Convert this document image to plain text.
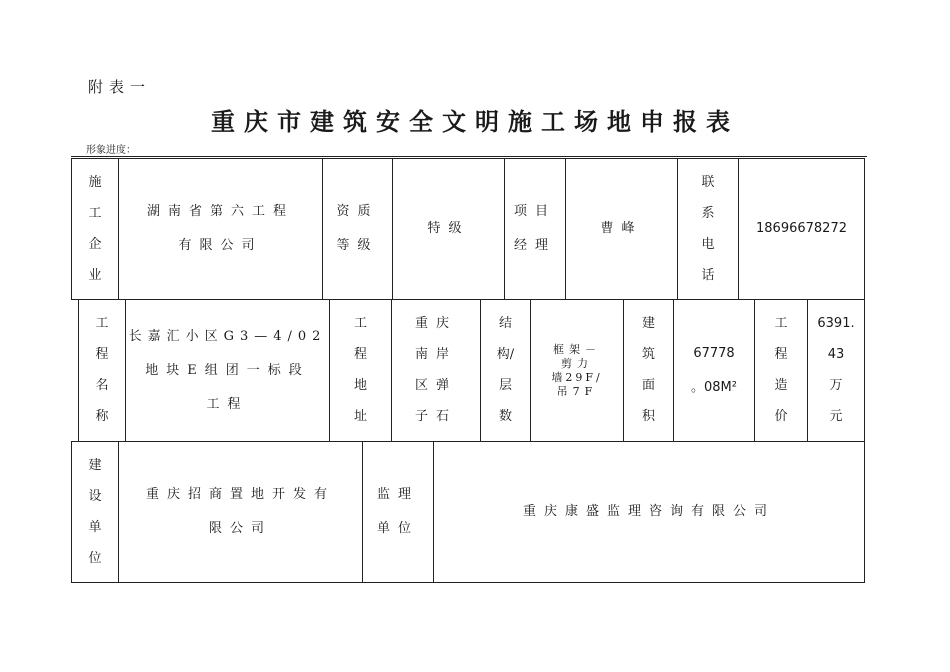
附表一
重庆市建筑安全文明施工场地申报表
形象进度：
施
工
企
业
湖南省第六工程
有限公司
资质
等级
特级
项目
经理
曹峰
联
系
电
话
18696678272
工
程
名
称
长嘉汇小区G3—4/02
地块E组团一标段
工程
工
程
地
址
重庆
南岸
区弹
子石
结
构/
层
数
框架－
剪力
墙29F/
吊7F
建
筑
面
积
67778
。08M²
工
程
造
价
6391.
43
万
元
建
设
单
位
重庆招商置地开发有
限公司
监理
单位
重庆康盛监理咨询有限公司
